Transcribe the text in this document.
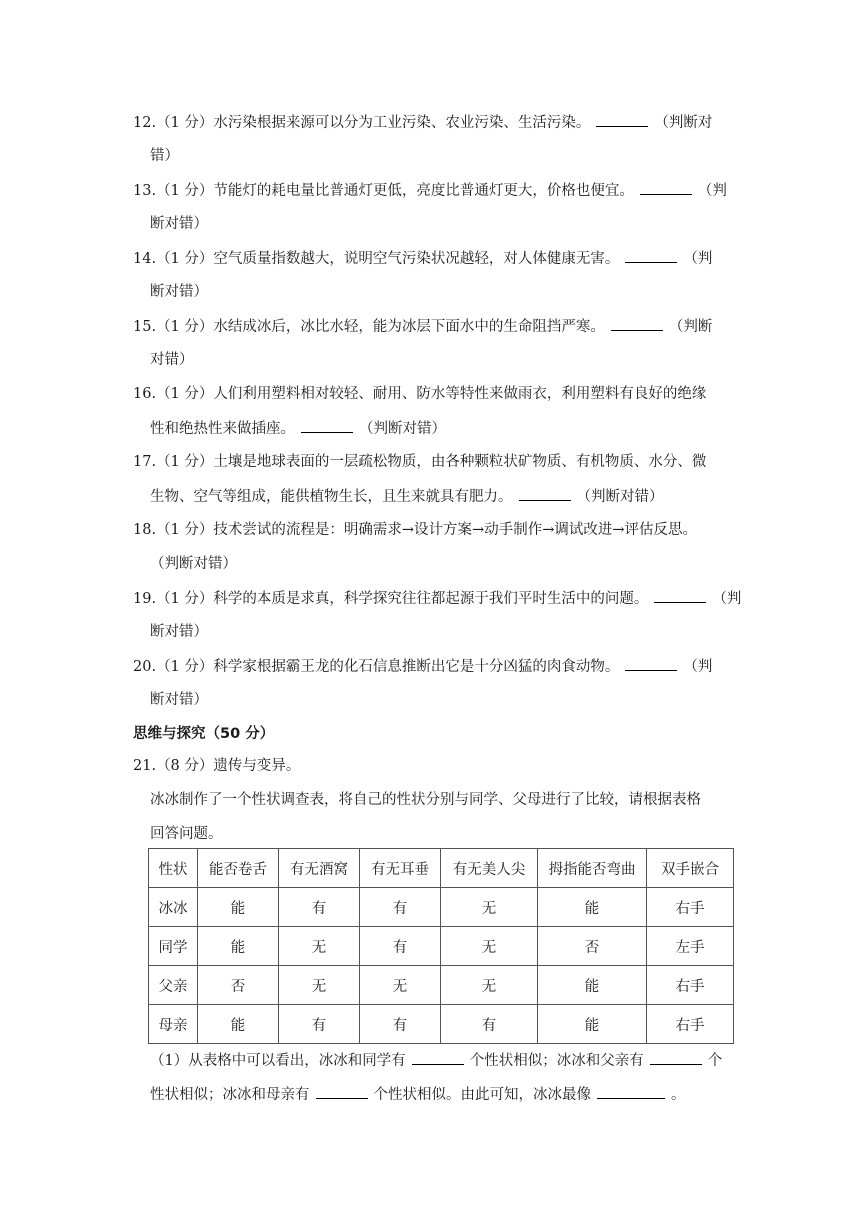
12.（1 分）水污染根据来源可以分为工业污染、农业污染、生活污染。	（判断对
错）
13.（1 分）节能灯的耗电量比普通灯更低，亮度比普通灯更大，价格也便宜。	（判
断对错）
14.（1 分）空气质量指数越大，说明空气污染状况越轻，对人体健康无害。	（判
断对错）
15.（1 分）水结成冰后，冰比水轻，能为冰层下面水中的生命阻挡严寒。	（判断
对错）
16.（1 分）人们利用塑料相对较轻、耐用、防水等特性来做雨衣，利用塑料有良好的绝缘
性和绝热性来做插座。	（判断对错）
17.（1 分）土壤是地球表面的一层疏松物质，由各种颗粒状矿物质、有机物质、水分、微
生物、空气等组成，能供植物生长，且生来就具有肥力。	（判断对错）
18.（1 分）技术尝试的流程是：明确需求→设计方案→动手制作→调试改进→评估反思。
（判断对错）
19.（1 分）科学的本质是求真，科学探究往往都起源于我们平时生活中的问题。	（判
断对错）
20.（1 分）科学家根据霸王龙的化石信息推断出它是十分凶猛的肉食动物。	（判
断对错）
思维与探究（50 分）
21.（8 分）遗传与变异。
冰冰制作了一个性状调查表，将自己的性状分别与同学、父母进行了比较，请根据表格
回答问题。
性状	能否卷舌	有无酒窝	有无耳垂	有无美人尖	拇指能否弯曲	双手嵌合
冰冰	能	有	有	无	能	右手
同学	能	无	有	无	否	左手
父亲	否	无	无	无	能	右手
母亲	能	有	有	有	能	右手
（1）从表格中可以看出，冰冰和同学有	个性状相似；冰冰和父亲有	个
性状相似；冰冰和母亲有	个性状相似。由此可知，冰冰最像	。
